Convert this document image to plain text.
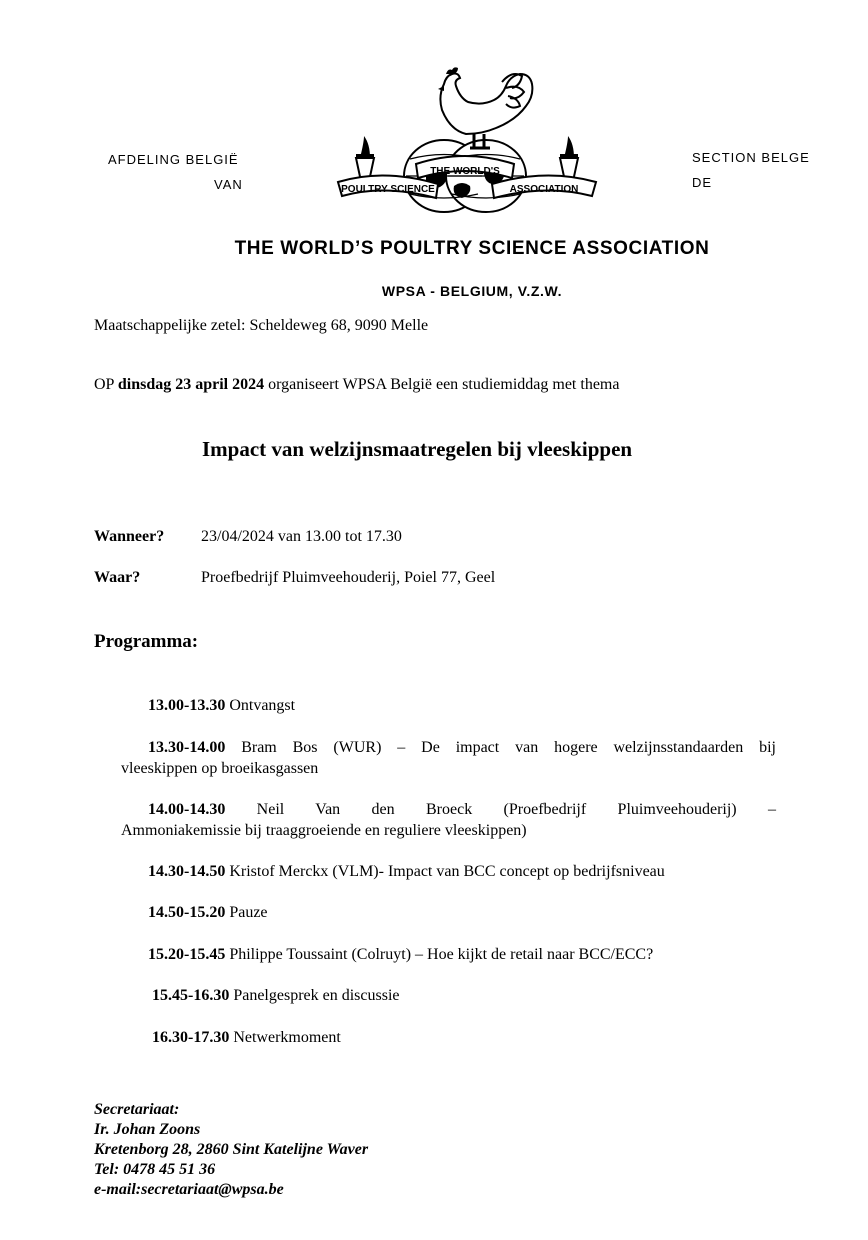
AFDELING BELGIË
VAN
SECTION BELGE
DE
THE WORLD'S
POULTRY SCIENCE	ASSOCIATION
THE WORLD’S POULTRY SCIENCE ASSOCIATION
WPSA - BELGIUM, V.Z.W.
Maatschappelijke zetel: Scheldeweg 68, 9090 Melle
OP dinsdag 23 april 2024 organiseert WPSA België een studiemiddag met thema
Impact van welzijnsmaatregelen bij vleeskippen
Wanneer? 23/04/2024 van 13.00 tot 17.30
Waar?	Proefbedrijf Pluimveehouderij, Poiel 77, Geel
Programma:
13.00-13.30 Ontvangst
13.30-14.00 Bram Bos (WUR) – De impact van hogere welzijnsstandaarden bij
vleeskippen op broeikasgassen
14.00-14.30 Neil Van den Broeck (Proefbedrijf Pluimveehouderij) –
Ammoniakemissie bij traaggroeiende en reguliere vleeskippen)
14.30-14.50 Kristof Merckx (VLM)- Impact van BCC concept op bedrijfsniveau
14.50-15.20 Pauze
15.20-15.45 Philippe Toussaint (Colruyt) – Hoe kijkt de retail naar BCC/ECC?
15.45-16.30 Panelgesprek en discussie
16.30-17.30 Netwerkmoment
Secretariaat:
Ir. Johan Zoons
Kretenborg 28, 2860 Sint Katelijne Waver
Tel: 0478 45 51 36
e-mail:secretariaat@wpsa.be
